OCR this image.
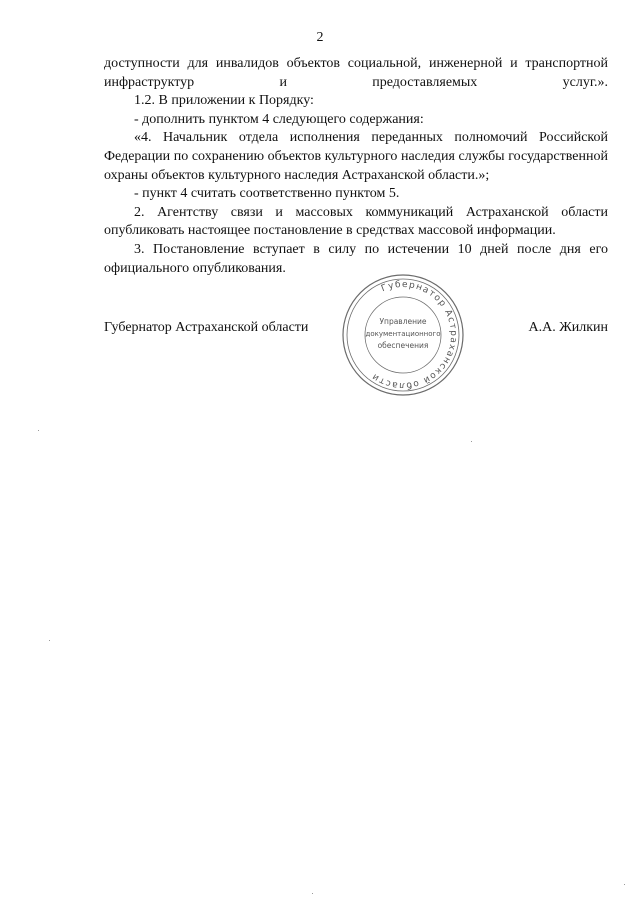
2

доступности для инвалидов объектов социальной, инженерной и транспортной инфраструктур и предоставляемых услуг.».

1.2. В приложении к Порядку:

- дополнить пунктом 4 следующего содержания:

«4. Начальник отдела исполнения переданных полномочий Российской Федерации по сохранению объектов культурного наследия службы государственной охраны объектов культурного наследия Астраханской области.»;

- пункт 4 считать соответственно пунктом 5.

2. Агентству связи и массовых коммуникаций Астраханской области опубликовать настоящее постановление в средствах массовой информации.

3. Постановление вступает в силу по истечении 10 дней после дня его официального опубликования.

Губернатор Астраханской области	А.А. Жилкин
Губернатор Астраханской области
Управление
документационного
обеспечения
